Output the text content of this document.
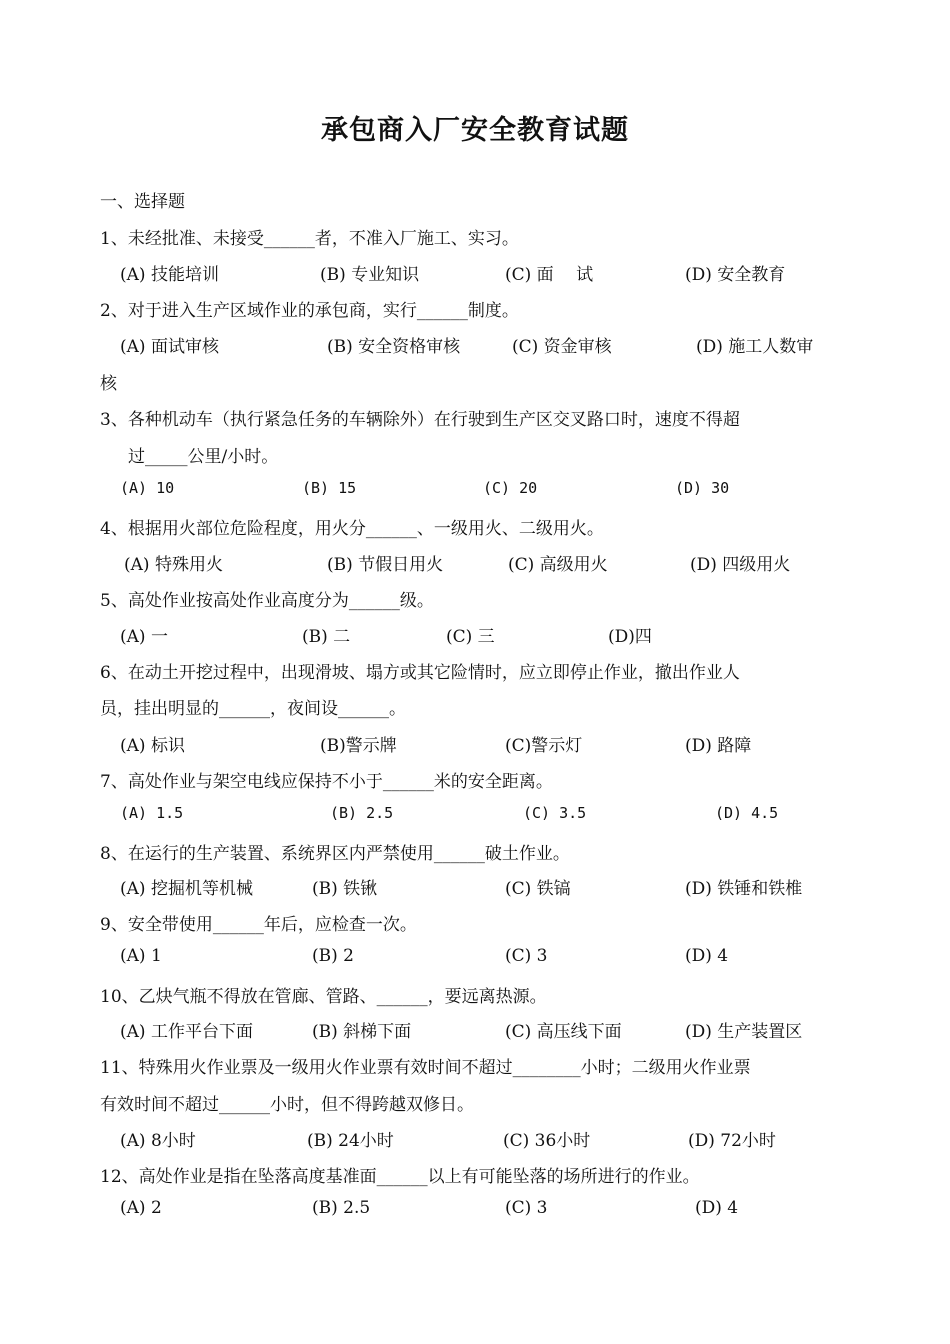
承包商入厂安全教育试题
一、选择题
1、未经批准、未接受______者，不准入厂施工、实习。
(A) 技能培训	(B) 专业知识	(C) 面　 试	(D) 安全教育
2、对于进入生产区域作业的承包商，实行______制度。
(A) 面试审核	(B) 安全资格审核	(C) 资金审核	(D) 施工人数审
核
3、各种机动车（执行紧急任务的车辆除外）在行驶到生产区交叉路口时，速度不得超
过_____公里/小时。
(A) 10	(B) 15	(C) 20	(D) 30
4、根据用火部位危险程度，用火分______、一级用火、二级用火。
(A) 特殊用火	(B) 节假日用火	(C) 高级用火	(D) 四级用火
5、高处作业按高处作业高度分为______级。
(A) 一	(B) 二	(C) 三	(D)四
6、在动土开挖过程中，出现滑坡、塌方或其它险情时，应立即停止作业，撤出作业人
员，挂出明显的______，夜间设______。
(A) 标识	(B)警示牌	(C)警示灯	(D) 路障
7、高处作业与架空电线应保持不小于______米的安全距离。
(A) 1.5	(B) 2.5	(C) 3.5	(D) 4.5
8、在运行的生产装置、系统界区内严禁使用______破土作业。
(A) 挖掘机等机械	(B) 铁锹	(C) 铁镐	(D) 铁锤和铁椎
9、安全带使用______年后，应检查一次。
(A) 1	(B) 2	(C) 3	(D) 4
10、乙炔气瓶不得放在管廊、管路、______，要远离热源。
(A) 工作平台下面	(B) 斜梯下面	(C) 高压线下面	(D) 生产装置区
11、特殊用火作业票及一级用火作业票有效时间不超过________小时；二级用火作业票
有效时间不超过______小时，但不得跨越双修日。
(A) 8小时	(B) 24小时	(C) 36小时	(D) 72小时
12、高处作业是指在坠落高度基准面______以上有可能坠落的场所进行的作业。
(A) 2	(B) 2.5	(C) 3	(D) 4
